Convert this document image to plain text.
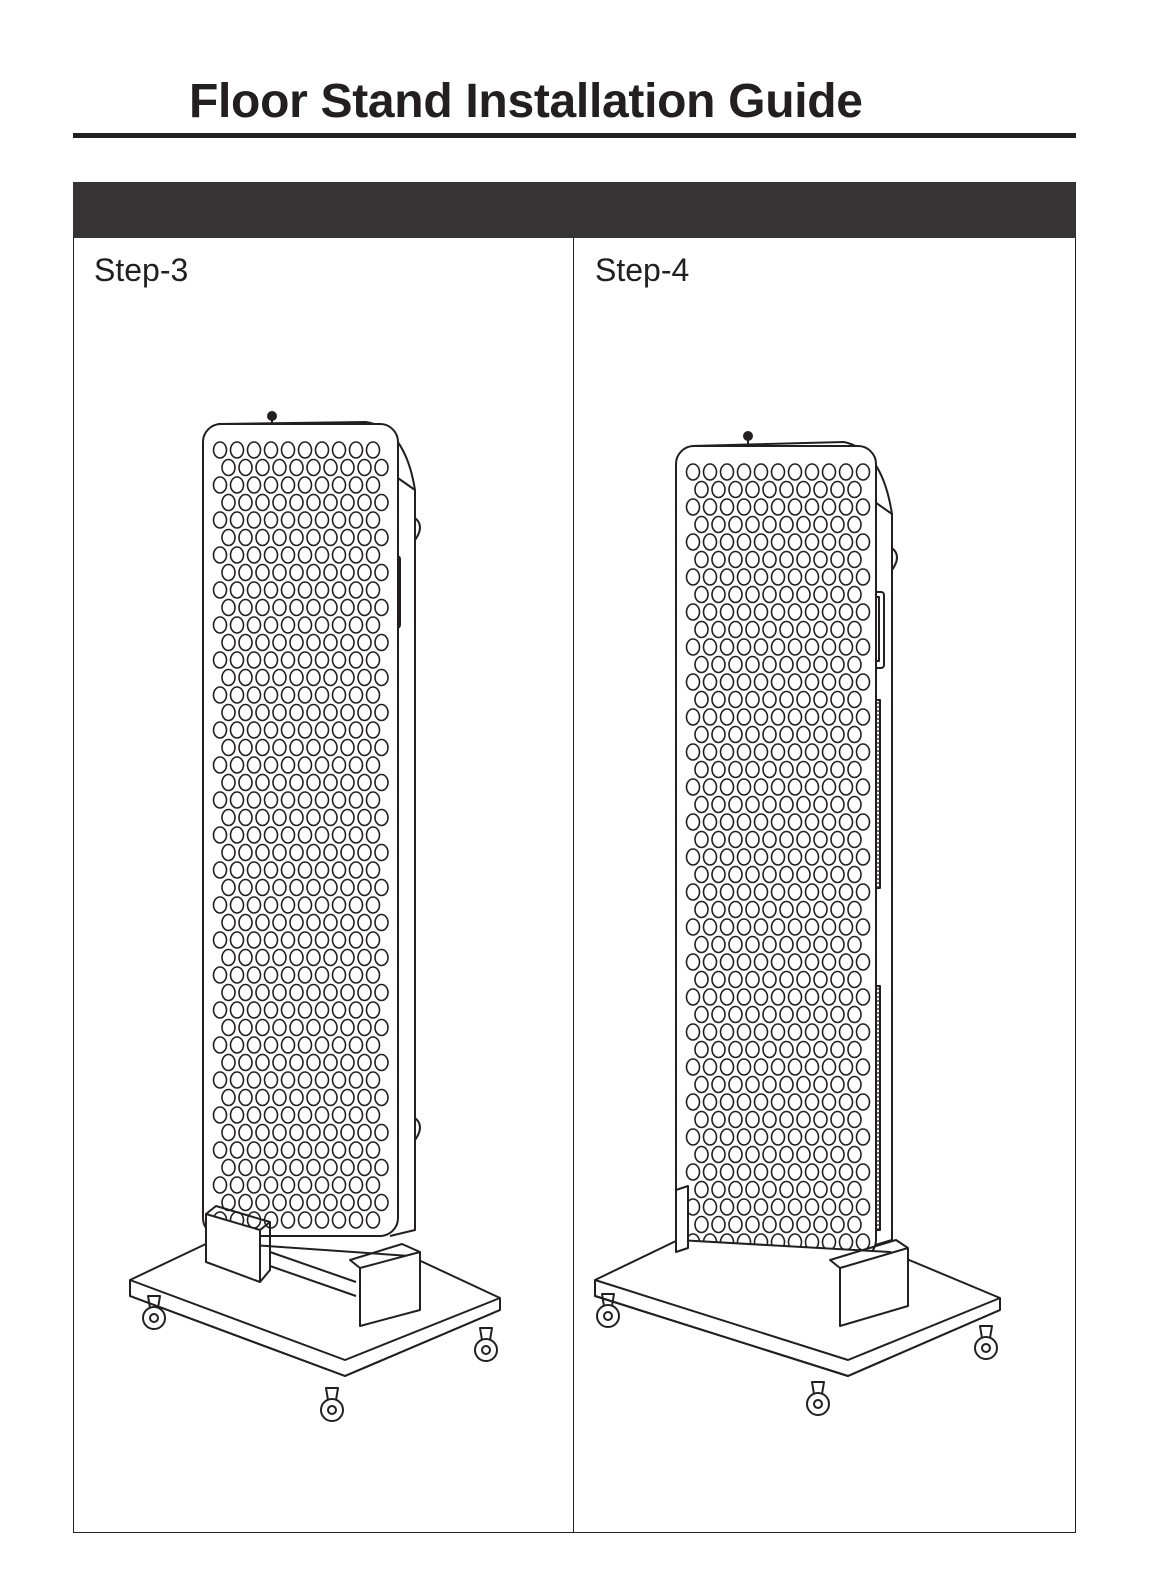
Floor Stand Installation Guide

Step-3	Step-4
